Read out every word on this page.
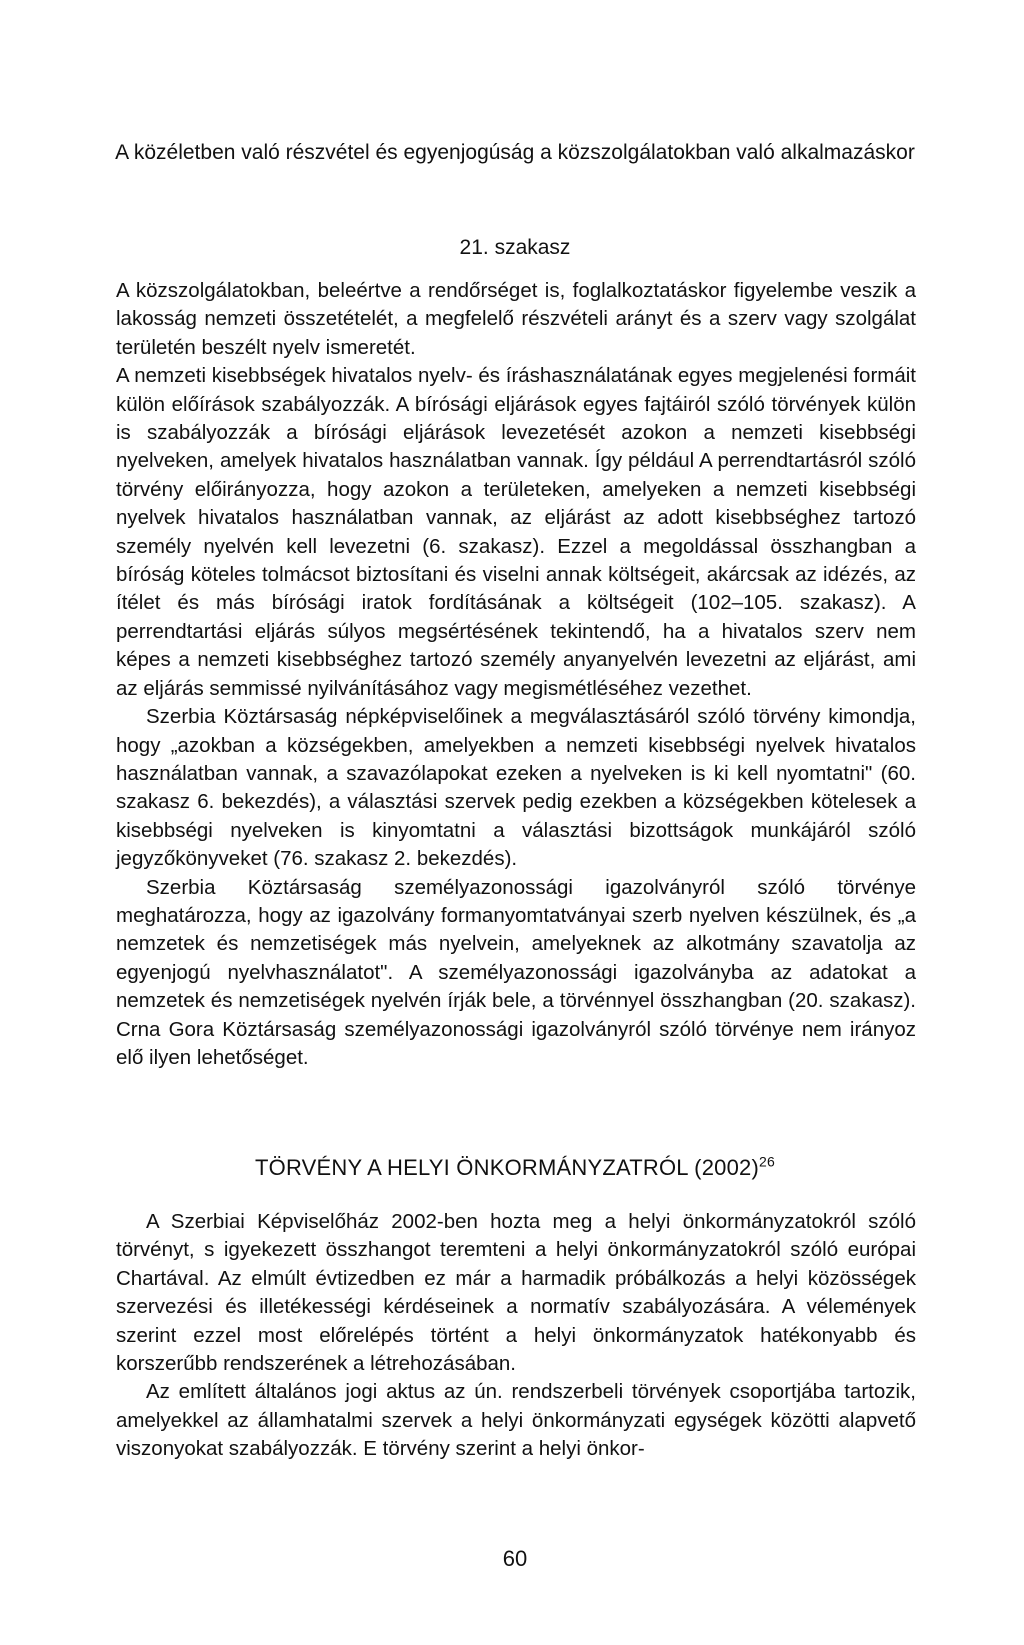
A közéletben való részvétel és egyenjogúság a közszolgálatokban való alkalmazáskor
21. szakasz

A közszolgálatokban, beleértve a rendőrséget is, foglalkoztatáskor figyelembe veszik a lakosság nemzeti összetételét, a megfelelő részvételi arányt és a szerv vagy szolgálat területén beszélt nyelv ismeretét.

A nemzeti kisebbségek hivatalos nyelv- és íráshasználatának egyes megjelenési formáit külön előírások szabályozzák. A bírósági eljárások egyes fajtáiról szóló törvények külön is szabályozzák a bírósági eljárások levezetését azokon a nemzeti kisebbségi nyelveken, amelyek hivatalos használatban vannak. Így például A perrendtartásról szóló törvény előirányozza, hogy azokon a területeken, amelyeken a nemzeti kisebbségi nyelvek hivatalos használatban vannak, az eljárást az adott kisebbséghez tartozó személy nyelvén kell levezetni (6. szakasz). Ezzel a megoldással összhangban a bíróság köteles tolmácsot biztosítani és viselni annak költségeit, akárcsak az idézés, az ítélet és más bírósági iratok fordításának a költségeit (102–105. szakasz). A perrendtartási eljárás súlyos megsértésének tekintendő, ha a hivatalos szerv nem képes a nemzeti kisebbséghez tartozó személy anyanyelvén levezetni az eljárást, ami az eljárás semmissé nyilvánításához vagy megismétléséhez vezethet.

Szerbia Köztársaság népképviselőinek a megválasztásáról szóló törvény kimondja, hogy „azokban a községekben, amelyekben a nemzeti kisebbségi nyelvek hivatalos használatban vannak, a szavazólapokat ezeken a nyelveken is ki kell nyomtatni" (60. szakasz 6. bekezdés), a választási szervek pedig ezekben a községekben kötelesek a kisebbségi nyelveken is kinyomtatni a választási bizottságok munkájáról szóló jegyzőkönyveket (76. szakasz 2. bekezdés).

Szerbia Köztársaság személyazonossági igazolványról szóló törvénye meghatározza, hogy az igazolvány formanyomtatványai szerb nyelven készülnek, és „a nemzetek és nemzetiségek más nyelvein, amelyeknek az alkotmány szavatolja az egyenjogú nyelvhasználatot". A személyazonossági igazolványba az adatokat a nemzetek és nemzetiségek nyelvén írják bele, a törvénnyel összhangban (20. szakasz). Crna Gora Köztársaság személyazonossági igazolványról szóló törvénye nem irányoz elő ilyen lehetőséget.

TÖRVÉNY A HELYI ÖNKORMÁNYZATRÓL $(2002)^{26}$

A Szerbiai Képviselőház 2002-ben hozta meg a helyi önkormányzatokról szóló törvényt, s igyekezett összhangot teremteni a helyi önkormányzatokról szóló európai Chartával. Az elmúlt évtizedben ez már a harmadik próbálkozás a helyi közösségek szervezési és illetékességi kérdéseinek a normatív szabályozására. A vélemények szerint ezzel most előrelépés történt a helyi önkormányzatok hatékonyabb és korszerűbb rendszerének a létrehozásában.

Az említett általános jogi aktus az ún. rendszerbeli törvények csoportjába tartozik, amelyekkel az államhatalmi szervek a helyi önkormányzati egységek közötti alapvető viszonyokat szabályozzák. E törvény szerint a helyi önkor-

60
